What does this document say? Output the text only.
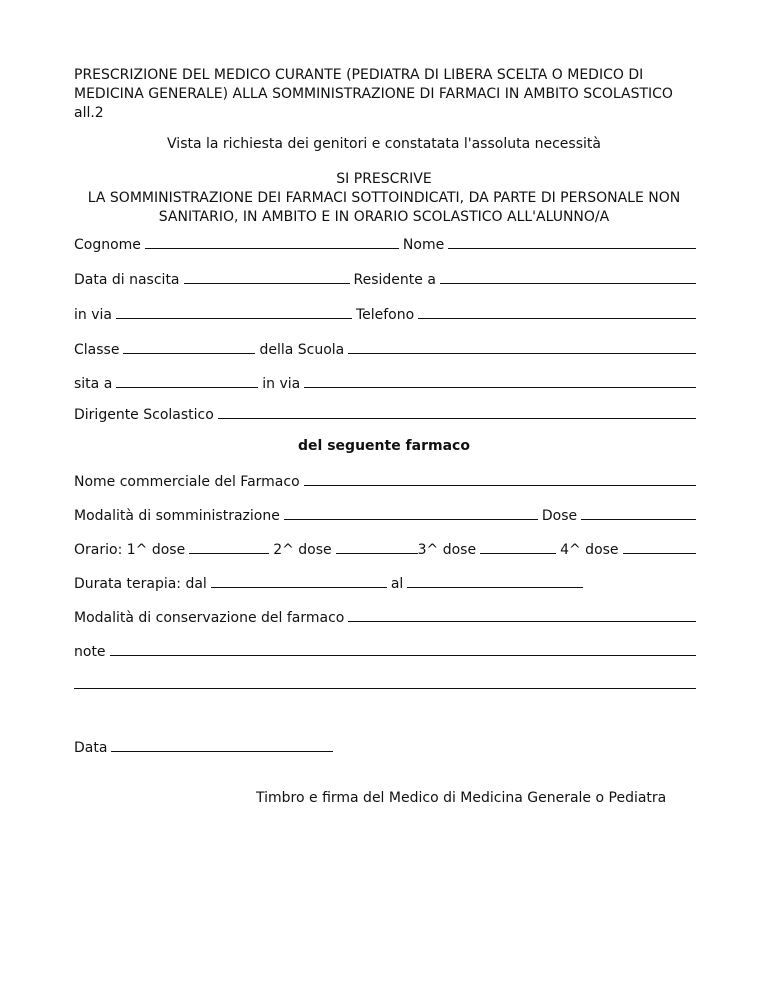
PRESCRIZIONE DEL MEDICO CURANTE (PEDIATRA DI LIBERA SCELTA O MEDICO DI
MEDICINA GENERALE) ALLA SOMMINISTRAZIONE DI FARMACI IN AMBITO SCOLASTICO
all.2
Vista la richiesta dei genitori e constatata l'assoluta necessità
SI PRESCRIVE
LA SOMMINISTRAZIONE DEI FARMACI SOTTOINDICATI, DA PARTE DI PERSONALE NON
SANITARIO, IN AMBITO E IN ORARIO SCOLASTICO ALL'ALUNNO/A
Cognome	Nome
Data di nascita	Residente a
in via	Telefono
Classe	della Scuola
sita a	in via
Dirigente Scolastico
del seguente farmaco
Nome commerciale del Farmaco
Modalità di somministrazione	Dose
Orario: 1^ dose	2^ dose	3^ dose	4^ dose
Durata terapia: dal	al
Modalità di conservazione del farmaco
note
Data
Timbro e firma del Medico di Medicina Generale o Pediatra
